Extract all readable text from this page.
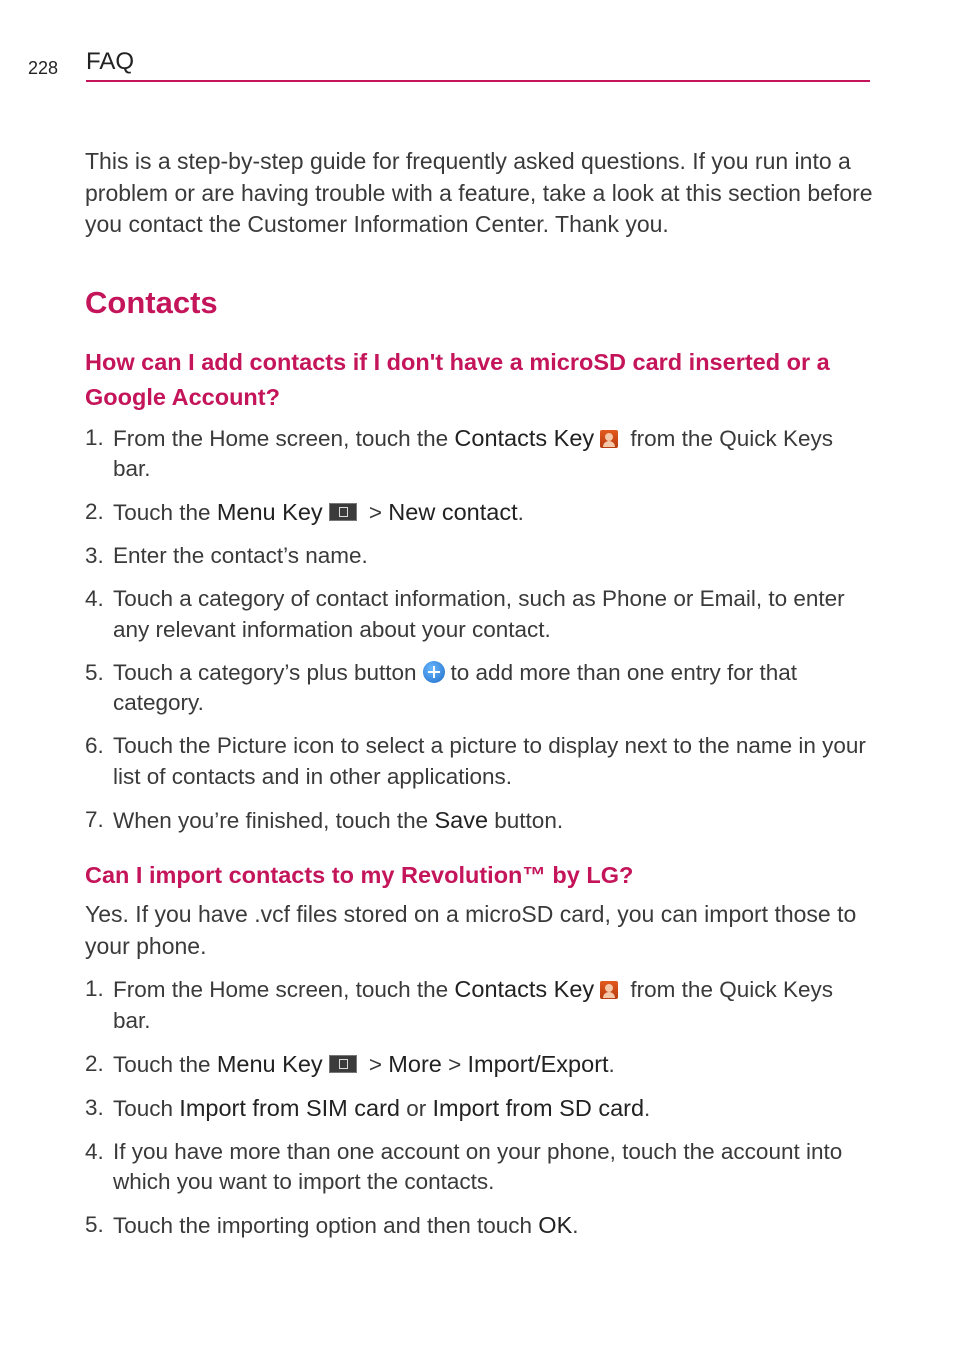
228 FAQ

This is a step-by-step guide for frequently asked questions. If you run into a problem or are having trouble with a feature, take a look at this section before you contact the Customer Information Center. Thank you.

Contacts
How can I add contacts if I don't have a microSD card inserted or a Google Account?
1. From the Home screen, touch the Contacts Key from the Quick Keys bar.
2. Touch the Menu Key > New contact.
3. Enter the contact’s name.
4. Touch a category of contact information, such as Phone or Email, to enter any relevant information about your contact.
5. Touch a category’s plus button to add more than one entry for that category.
6. Touch the Picture icon to select a picture to display next to the name in your list of contacts and in other applications.
7. When you’re finished, touch the Save button.
Can I import contacts to my Revolution™ by LG?

Yes. If you have .vcf files stored on a microSD card, you can import those to your phone.

1. From the Home screen, touch the Contacts Key from the Quick Keys bar.
2. Touch the Menu Key > More > Import/Export.
3. Touch Import from SIM card or Import from SD card.
4. If you have more than one account on your phone, touch the account into which you want to import the contacts.
5. Touch the importing option and then touch OK.
